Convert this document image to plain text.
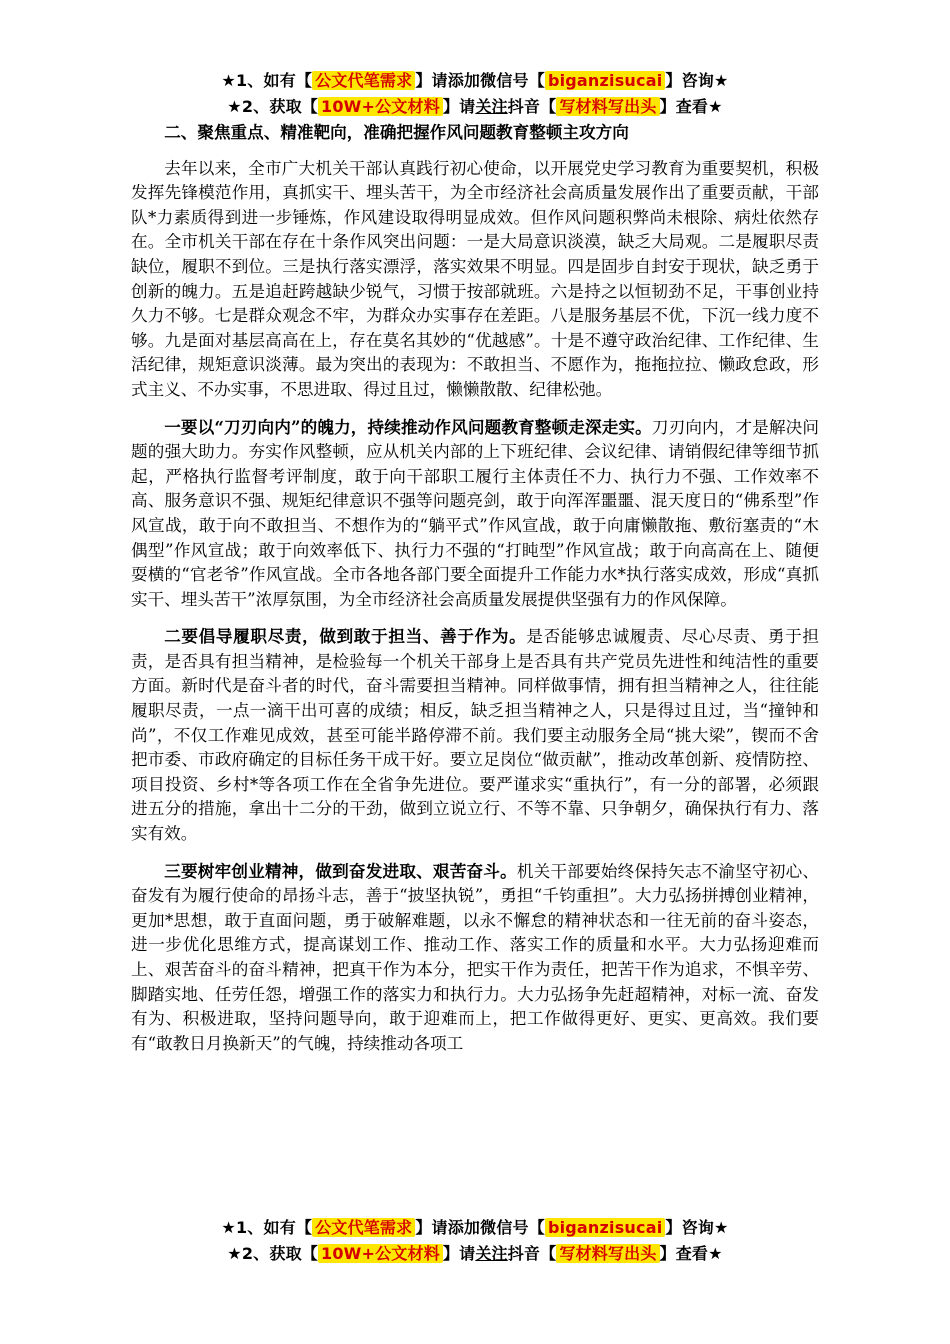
★1、如有【 公文代笔需求 】请添加微信号【 biganzisucai 】咨询★
★2、获取【 10W+公文材料 】请关注抖音【 写材料写出头 】查看★
二、聚焦重点、精准靶向，准确把握作风问题教育整顿主攻方向

去年以来，全市广大机关干部认真践行初心使命，以开展党史学习教育为重要契机，积极发挥先锋模范作用，真抓实干、埋头苦干，为全市经济社会高质量发展作出了重要贡献，干部队*力素质得到进一步锤炼，作风建设取得明显成效。但作风问题积弊尚未根除、病灶依然存在。全市机关干部在存在十条作风突出问题：一是大局意识淡漠，缺乏大局观。二是履职尽责缺位，履职不到位。三是执行落实漂浮，落实效果不明显。四是固步自封安于现状，缺乏勇于创新的魄力。五是追赶跨越缺少锐气，习惯于按部就班。六是持之以恒韧劲不足，干事创业持久力不够。七是群众观念不牢，为群众办实事存在差距。八是服务基层不优，下沉一线力度不够。九是面对基层高高在上，存在莫名其妙的“优越感”。十是不遵守政治纪律、工作纪律、生活纪律，规矩意识淡薄。最为突出的表现为：不敢担当、不愿作为，拖拖拉拉、懒政怠政，形式主义、不办实事，不思进取、得过且过，懒懒散散、纪律松弛。

一要以“刀刃向内”的魄力，持续推动作风问题教育整顿走深走实。刀刃向内，才是解决问题的强大助力。夯实作风整顿，应从机关内部的上下班纪律、会议纪律、请销假纪律等细节抓起，严格执行监督考评制度，敢于向干部职工履行主体责任不力、执行力不强、工作效率不高、服务意识不强、规矩纪律意识不强等问题亮剑，敢于向浑浑噩噩、混天度日的“佛系型”作风宣战，敢于向不敢担当、不想作为的“躺平式”作风宣战，敢于向庸懒散拖、敷衍塞责的“木偶型”作风宣战；敢于向效率低下、执行力不强的“打盹型”作风宣战；敢于向高高在上、随便耍横的“官老爷”作风宣战。全市各地各部门要全面提升工作能力水*执行落实成效，形成“真抓实干、埋头苦干”浓厚氛围，为全市经济社会高质量发展提供坚强有力的作风保障。

二要倡导履职尽责，做到敢于担当、善于作为。是否能够忠诚履责、尽心尽责、勇于担责，是否具有担当精神，是检验每一个机关干部身上是否具有共产党员先进性和纯洁性的重要方面。新时代是奋斗者的时代，奋斗需要担当精神。同样做事情，拥有担当精神之人，往往能履职尽责，一点一滴干出可喜的成绩；相反，缺乏担当精神之人，只是得过且过，当“撞钟和尚”，不仅工作难见成效，甚至可能半路停滞不前。我们要主动服务全局“挑大梁”，锲而不舍把市委、市政府确定的目标任务干成干好。要立足岗位“做贡献”，推动改革创新、疫情防控、项目投资、乡村*等各项工作在全省争先进位。要严谨求实“重执行”，有一分的部署，必须跟进五分的措施，拿出十二分的干劲，做到立说立行、不等不靠、只争朝夕，确保执行有力、落实有效。

三要树牢创业精神，做到奋发进取、艰苦奋斗。机关干部要始终保持矢志不渝坚守初心、奋发有为履行使命的昂扬斗志，善于“披坚执锐”，勇担“千钧重担”。大力弘扬拼搏创业精神，更加*思想，敢于直面问题，勇于破解难题，以永不懈怠的精神状态和一往无前的奋斗姿态，进一步优化思维方式，提高谋划工作、推动工作、落实工作的质量和水平。大力弘扬迎难而上、艰苦奋斗的奋斗精神，把真干作为本分，把实干作为责任，把苦干作为追求，不惧辛劳、脚踏实地、任劳任怨，增强工作的落实力和执行力。大力弘扬争先赶超精神，对标一流、奋发有为、积极进取，坚持问题导向，敢于迎难而上，把工作做得更好、更实、更高效。我们要有“敢教日月换新天”的气魄，持续推动各项工

★1、如有【 公文代笔需求 】请添加微信号【 biganzisucai 】咨询★
★2、获取【 10W+公文材料 】请关注抖音【 写材料写出头 】查看★
